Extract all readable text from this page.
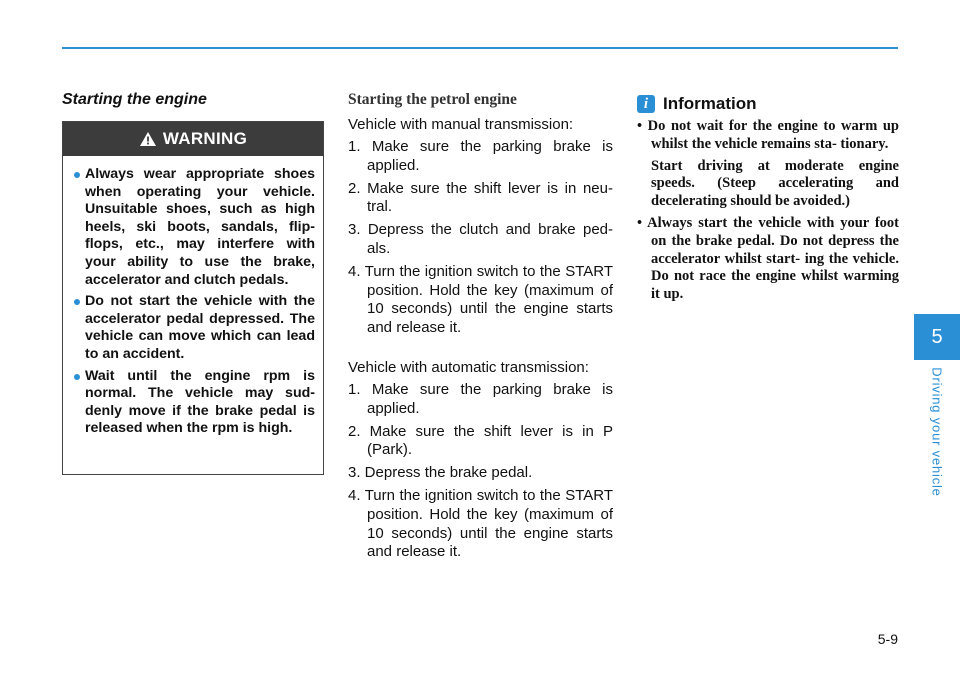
Starting the engine
WARNING
Always wear appropriate shoes when operating your vehicle. Unsuitable shoes, such as high heels, ski boots, sandals, flip-flops, etc., may interfere with your ability to use the brake, accelerator and clutch pedals.
Do not start the vehicle with the accelerator pedal depressed. The vehicle can move which can lead to an accident.
Wait until the engine rpm is normal. The vehicle may sud- denly move if the brake pedal is released when the rpm is high.
Starting the petrol engine
Vehicle with manual transmission:
1. Make sure the parking brake is applied.
2. Make sure the shift lever is in neu- tral.
3. Depress the clutch and brake ped- als.
4. Turn the ignition switch to the START position. Hold the key (maximum of 10 seconds) until the engine starts and release it.
Vehicle with automatic transmission:
1. Make sure the parking brake is applied.
2. Make sure the shift lever is in P (Park).
3. Depress the brake pedal.
4. Turn the ignition switch to the START position. Hold the key (maximum of 10 seconds) until the engine starts and release it.
i Information

• Do not wait for the engine to warm up whilst the vehicle remains sta- tionary.

Start driving at moderate engine speeds. (Steep accelerating and decelerating should be avoided.)

• Always start the vehicle with your foot on the brake pedal. Do not depress the accelerator whilst start- ing the vehicle. Do not race the engine whilst warming it up.

5
Driving your vehicle
5-9
